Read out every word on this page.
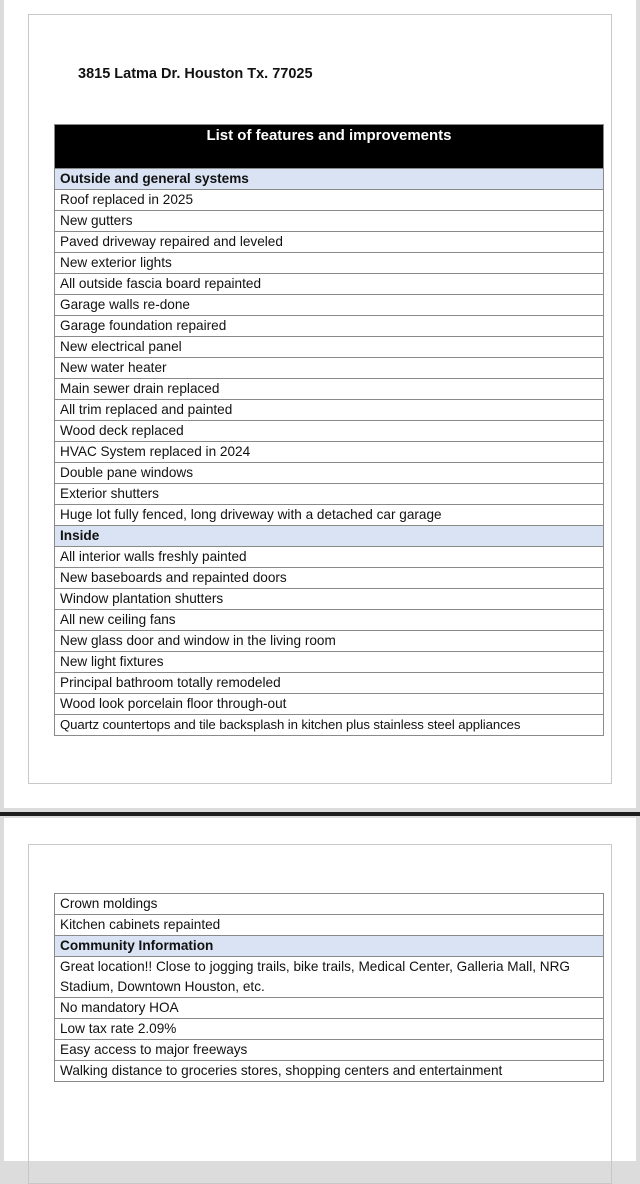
3815 Latma Dr. Houston Tx. 77025
List of features and improvements
Outside and general systems
Roof replaced in 2025
New gutters
Paved driveway repaired and leveled
New exterior lights
All outside fascia board repainted
Garage walls re-done
Garage foundation repaired
New electrical panel
New water heater
Main sewer drain replaced
All trim replaced and painted
Wood deck replaced
HVAC System replaced in 2024
Double pane windows
Exterior shutters
Huge lot fully fenced, long driveway with a detached car garage
Inside
All interior walls freshly painted
New baseboards and repainted doors
Window plantation shutters
All new ceiling fans
New glass door and window in the living room
New light fixtures
Principal bathroom totally remodeled
Wood look porcelain floor through-out
Quartz countertops and tile backsplash in kitchen plus stainless steel appliances
Crown moldings
Kitchen cabinets repainted
Community Information
Great location!! Close to jogging trails, bike trails, Medical Center, Galleria Mall, NRG Stadium, Downtown Houston, etc.
No mandatory HOA
Low tax rate 2.09%
Easy access to major freeways
Walking distance to groceries stores, shopping centers and entertainment
